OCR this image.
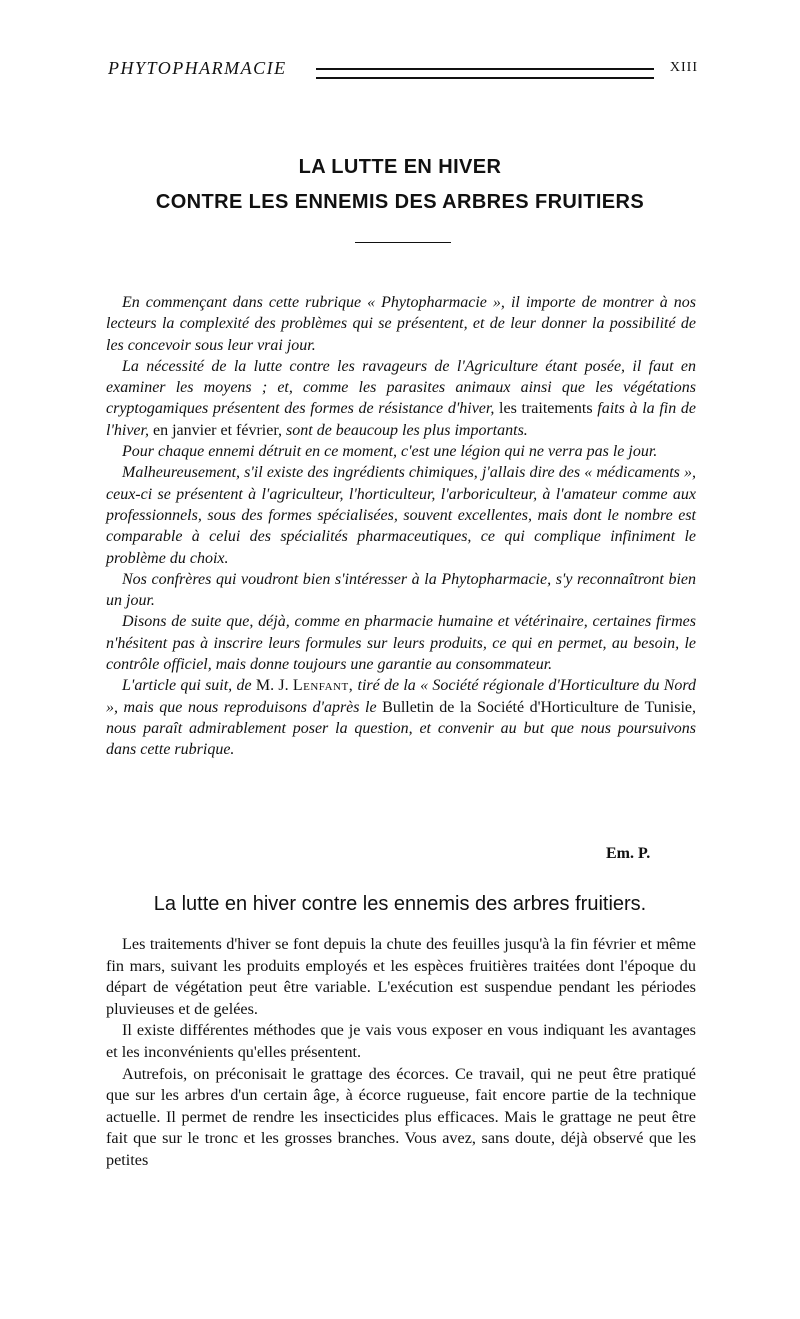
PHYTOPHARMACIE	XIII
LA LUTTE EN HIVER
CONTRE LES ENNEMIS DES ARBRES FRUITIERS

En commençant dans cette rubrique « Phytopharmacie », il importe de montrer à nos lecteurs la complexité des problèmes qui se présentent, et de leur donner la possibilité de les concevoir sous leur vrai jour.

La nécessité de la lutte contre les ravageurs de l'Agriculture étant posée, il faut en examiner les moyens ; et, comme les parasites animaux ainsi que les végétations cryptogamiques présentent des formes de résistance d'hiver, les traitements faits à la fin de l'hiver, en janvier et février, sont de beaucoup les plus importants.

Pour chaque ennemi détruit en ce moment, c'est une légion qui ne verra pas le jour.

Malheureusement, s'il existe des ingrédients chimiques, j'allais dire des « médicaments », ceux-ci se présentent à l'agriculteur, l'horticulteur, l'arboriculteur, à l'amateur comme aux professionnels, sous des formes spécialisées, souvent excellentes, mais dont le nombre est comparable à celui des spécialités pharmaceutiques, ce qui complique infiniment le problème du choix.

Nos confrères qui voudront bien s'intéresser à la Phytopharmacie, s'y reconnaîtront bien un jour.

Disons de suite que, déjà, comme en pharmacie humaine et vétérinaire, certaines firmes n'hésitent pas à inscrire leurs formules sur leurs produits, ce qui en permet, au besoin, le contrôle officiel, mais donne toujours une garantie au consommateur.

L'article qui suit, de M. J. Lenfant, tiré de la « Société régionale d'Horticulture du Nord », mais que nous reproduisons d'après le Bulletin de la Société d'Horticulture de Tunisie, nous paraît admirablement poser la question, et convenir au but que nous poursuivons dans cette rubrique.

Em. P.
La lutte en hiver contre les ennemis des arbres fruitiers.

Les traitements d'hiver se font depuis la chute des feuilles jusqu'à la fin février et même fin mars, suivant les produits employés et les espèces fruitières traitées dont l'époque du départ de végétation peut être variable. L'exécution est suspendue pendant les périodes pluvieuses et de gelées.

Il existe différentes méthodes que je vais vous exposer en vous indiquant les avantages et les inconvénients qu'elles présentent.

Autrefois, on préconisait le grattage des écorces. Ce travail, qui ne peut être pratiqué que sur les arbres d'un certain âge, à écorce rugueuse, fait encore partie de la technique actuelle. Il permet de rendre les insecticides plus efficaces. Mais le grattage ne peut être fait que sur le tronc et les grosses branches. Vous avez, sans doute, déjà observé que les petites
